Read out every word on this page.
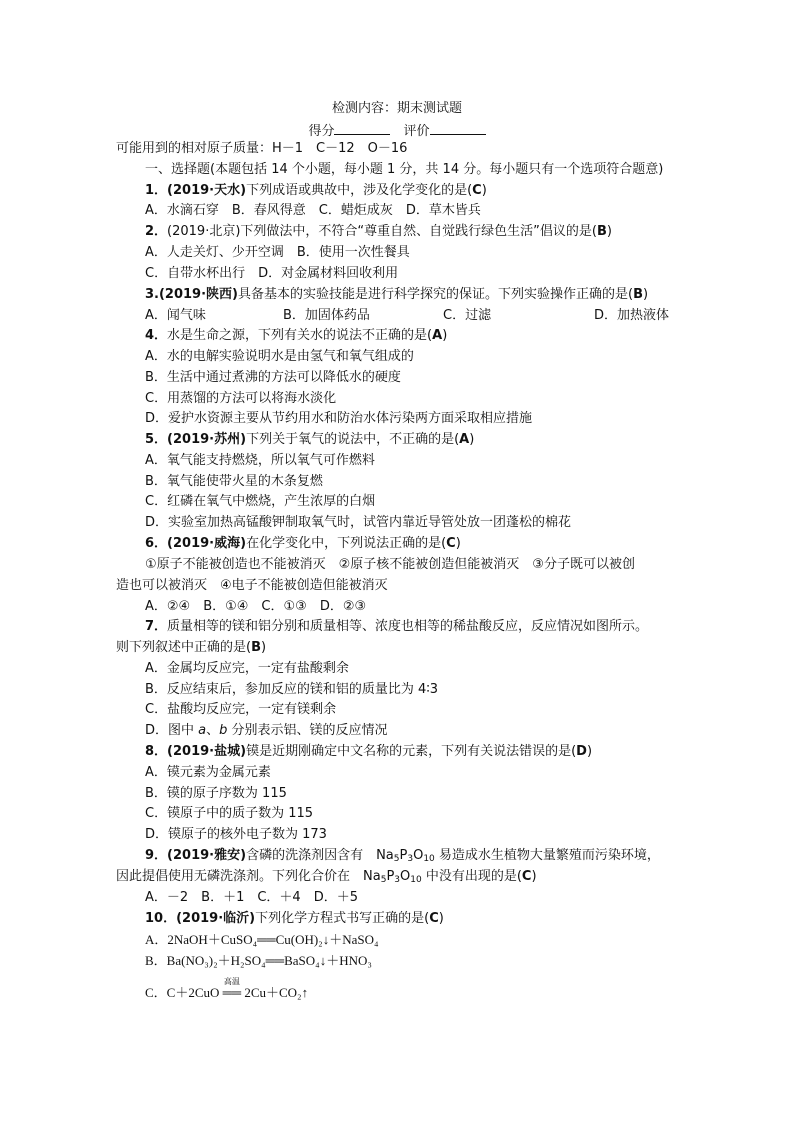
检测内容：期末测试题
得分　	评价
可能用到的相对原子质量：H－1　C－12　O－16
一、选择题(本题包括 14 个小题，每小题 1 分，共 14 分。每小题只有一个选项符合题意)
1．(2019·天水)下列成语或典故中，涉及化学变化的是(C)
A．水滴石穿　B．春风得意　C．蜡炬成灰　D．草木皆兵
2．(2019·北京)下列做法中，不符合“尊重自然、自觉践行绿色生活”倡议的是(B)
A．人走关灯、少开空调　B．使用一次性餐具
C．自带水杯出行　D．对金属材料回收利用
3.(2019·陕西)具备基本的实验技能是进行科学探究的保证。下列实验操作正确的是(B)
A．闻气味	B．加固体药品	C．过滤	D．加热液体
4．水是生命之源，下列有关水的说法不正确的是(A)
A．水的电解实验说明水是由氢气和氧气组成的
B．生活中通过煮沸的方法可以降低水的硬度
C．用蒸馏的方法可以将海水淡化
D．爱护水资源主要从节约用水和防治水体污染两方面采取相应措施
5．(2019·苏州)下列关于氧气的说法中，不正确的是(A)
A．氧气能支持燃烧，所以氧气可作燃料
B．氧气能使带火星的木条复燃
C．红磷在氧气中燃烧，产生浓厚的白烟
D．实验室加热高锰酸钾制取氧气时，试管内靠近导管处放一团蓬松的棉花
6．(2019·威海)在化学变化中，下列说法正确的是(C)
①原子不能被创造也不能被消灭　②原子核不能被创造但能被消灭　③分子既可以被创
造也可以被消灭　④电子不能被创造但能被消灭
A．②④　B．①④　C．①③　D．②③
7．质量相等的镁和铝分别和质量相等、浓度也相等的稀盐酸反应，反应情况如图所示。
则下列叙述中正确的是(B)
A．金属均反应完，一定有盐酸剩余
B．反应结束后，参加反应的镁和铝的质量比为 4∶3
C．盐酸均反应完，一定有镁剩余
D．图中 a、b 分别表示铝、镁的反应情况
8．(2019·盐城)镆是近期刚确定中文名称的元素，下列有关说法错误的是(D)
A．镆元素为金属元素
B．镆的原子序数为 115
C．镆原子中的质子数为 115
D．镆原子的核外电子数为 173
9．(2019·雅安)含磷的洗涤剂因含有　$Na_5P_3O_{10}$ 易造成水生植物大量繁殖而污染环境，
因此提倡使用无磷洗涤剂。下列化合价在　$Na_5P_3O_{10}$ 中没有出现的是(C)
A．－2　B．＋1　C．＋4　D．＋5
10．(2019·临沂)下列化学方程式书写正确的是(C)
A．2NaOH＋CuSO₄══Cu(OH)₂↓＋NaSO₄
B．Ba(NO₃)₂＋H₂SO₄══BaSO₄↓＋HNO₃
C．C＋2CuO
高温
══ 2Cu＋CO₂↑
